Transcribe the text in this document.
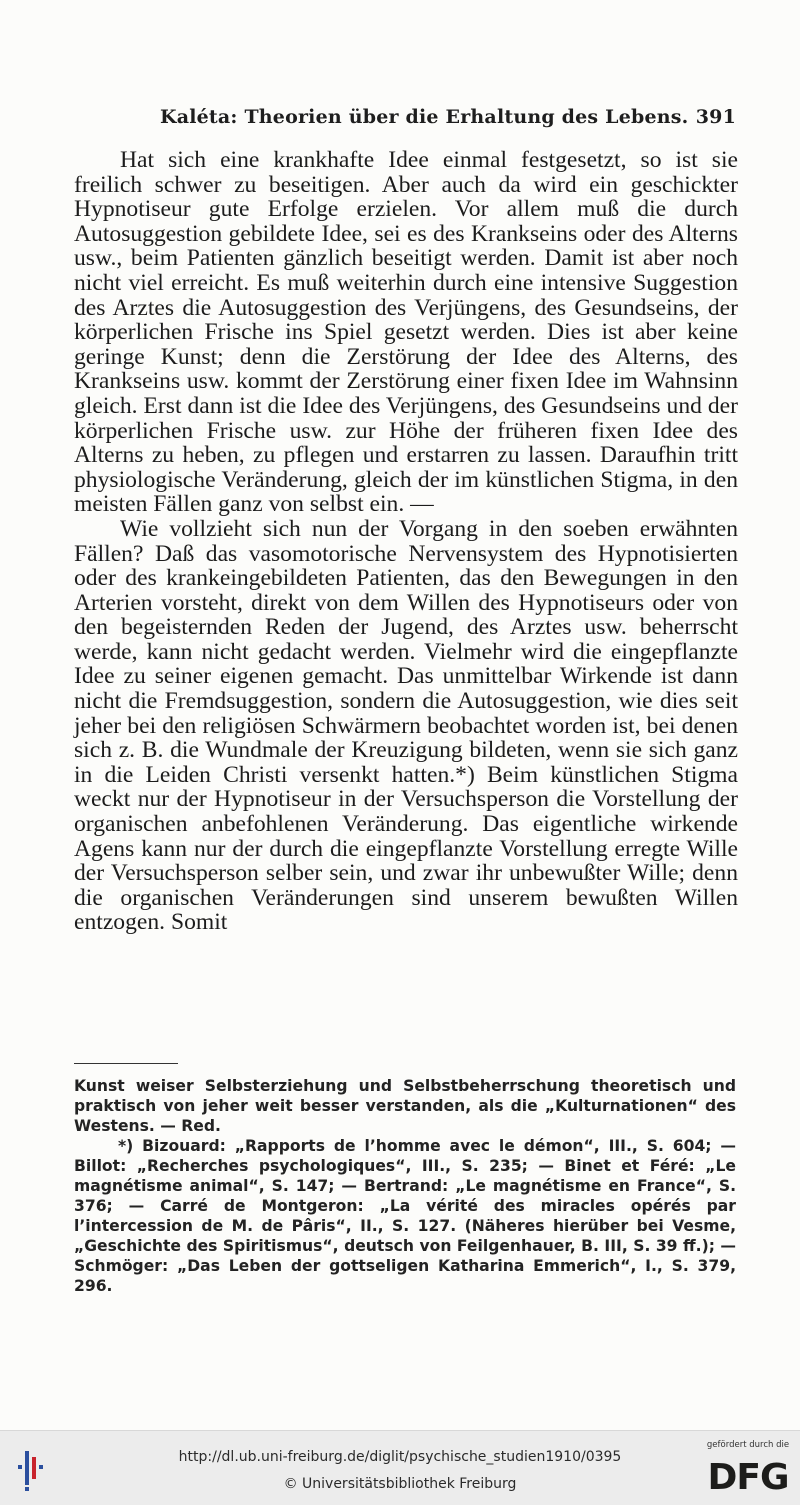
Kaléta: Theorien über die Erhaltung des Lebens. 391

Hat sich eine krankhafte Idee einmal festgesetzt, so ist sie freilich schwer zu beseitigen. Aber auch da wird ein geschickter Hypnotiseur gute Erfolge erzielen. Vor allem muß die durch Autosuggestion gebildete Idee, sei es des Krankseins oder des Alterns usw., beim Patienten gänzlich beseitigt werden. Damit ist aber noch nicht viel erreicht. Es muß weiterhin durch eine intensive Suggestion des Arztes die Autosuggestion des Verjüngens, des Gesundseins, der körperlichen Frische ins Spiel gesetzt werden. Dies ist aber keine geringe Kunst; denn die Zerstörung der Idee des Alterns, des Krankseins usw. kommt der Zerstörung einer fixen Idee im Wahnsinn gleich. Erst dann ist die Idee des Verjüngens, des Gesundseins und der körperlichen Frische usw. zur Höhe der früheren fixen Idee des Alterns zu heben, zu pflegen und erstarren zu lassen. Daraufhin tritt physiologische Veränderung, gleich der im künstlichen Stigma, in den meisten Fällen ganz von selbst ein. —

Wie vollzieht sich nun der Vorgang in den soeben erwähnten Fällen? Daß das vasomotorische Nervensystem des Hypnotisierten oder des krankeingebildeten Patienten, das den Bewegungen in den Arterien vorsteht, direkt von dem Willen des Hypnotiseurs oder von den begeisternden Reden der Jugend, des Arztes usw. beherrscht werde, kann nicht gedacht werden. Vielmehr wird die eingepflanzte Idee zu seiner eigenen gemacht. Das unmittelbar Wirkende ist dann nicht die Fremdsuggestion, sondern die Autosuggestion, wie dies seit jeher bei den religiösen Schwärmern beobachtet worden ist, bei denen sich z. B. die Wundmale der Kreuzigung bildeten, wenn sie sich ganz in die Leiden Christi versenkt hatten.*) Beim künstlichen Stigma weckt nur der Hypnotiseur in der Versuchsperson die Vorstellung der organischen anbefohlenen Veränderung. Das eigentliche wirkende Agens kann nur der durch die eingepflanzte Vorstellung erregte Wille der Versuchsperson selber sein, und zwar ihr unbewußter Wille; denn die organischen Veränderungen sind unserem bewußten Willen entzogen. Somit

Kunst weiser Selbsterziehung und Selbstbeherrschung theoretisch und praktisch von jeher weit besser verstanden, als die „Kulturnationen“ des Westens. — Red.

*) Bizouard: „Rapports de l’homme avec le démon“, III., S. 604; — Billot: „Recherches psychologiques“, III., S. 235; — Binet et Féré: „Le magnétisme animal“, S. 147; — Bertrand: „Le magnétisme en France“, S. 376; — Carré de Montgeron: „La vérité des miracles opérés par l’intercession de M. de Pâris“, II., S. 127. (Näheres hierüber bei Vesme, „Geschichte des Spiritismus“, deutsch von Feilgenhauer, B. III, S. 39 ff.); — Schmöger: „Das Leben der gottseligen Katharina Emmerich“, I., S. 379, 296.

http://dl.ub.uni-freiburg.de/diglit/psychische_studien1910/0395
© Universitätsbibliothek Freiburg
gefördert durch die
DFG
